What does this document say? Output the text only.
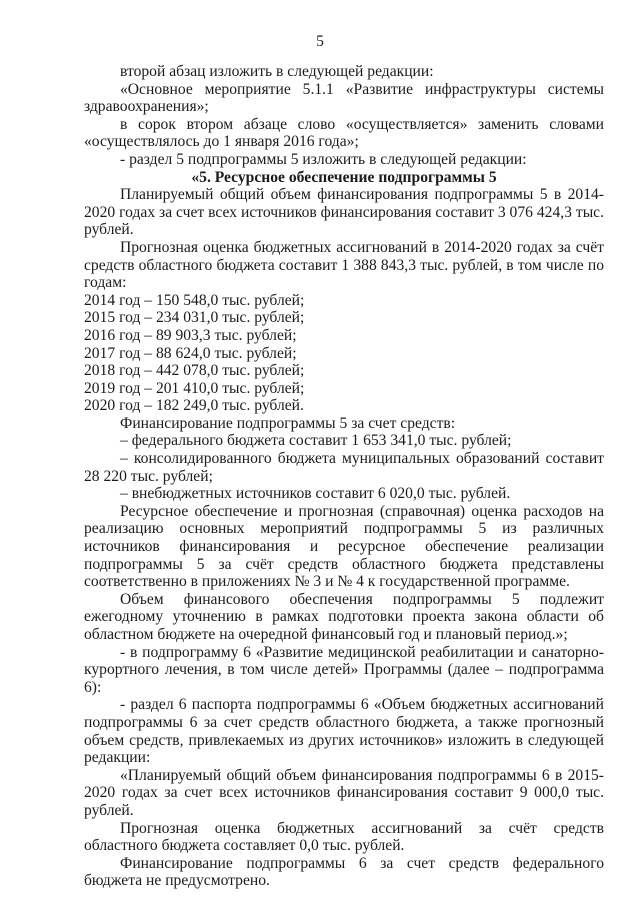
5

второй абзац изложить в следующей редакции:

«Основное мероприятие 5.1.1 «Развитие инфраструктуры системы здравоохранения»;

в сорок втором абзаце слово «осуществляется» заменить словами «осуществлялось до 1 января 2016 года»;

- раздел 5 подпрограммы 5 изложить в следующей редакции:

«5. Ресурсное обеспечение подпрограммы 5

Планируемый общий объем финансирования подпрограммы 5 в 2014-2020 годах за счет всех источников финансирования составит 3 076 424,3 тыс. рублей.

Прогнозная оценка бюджетных ассигнований в 2014-2020 годах за счёт средств областного бюджета составит 1 388 843,3 тыс. рублей, в том числе по годам:

2014 год – 150 548,0 тыс. рублей;

2015 год – 234 031,0 тыс. рублей;

2016 год – 89 903,3 тыс. рублей;

2017 год – 88 624,0 тыс. рублей;

2018 год – 442 078,0 тыс. рублей;

2019 год – 201 410,0 тыс. рублей;

2020 год – 182 249,0 тыс. рублей.

Финансирование подпрограммы 5 за счет средств:

– федерального бюджета составит 1 653 341,0 тыс. рублей;

– консолидированного бюджета муниципальных образований составит 28 220 тыс. рублей;

– внебюджетных источников составит 6 020,0 тыс. рублей.

Ресурсное обеспечение и прогнозная (справочная) оценка расходов на реализацию основных мероприятий подпрограммы 5 из различных источников финансирования и ресурсное обеспечение реализации подпрограммы 5 за счёт средств областного бюджета представлены соответственно в приложениях № 3 и № 4 к государственной программе.

Объем финансового обеспечения подпрограммы 5 подлежит ежегодному уточнению в рамках подготовки проекта закона области об областном бюджете на очередной финансовый год и плановый период.»;

- в подпрограмму 6 «Развитие медицинской реабилитации и санаторно-курортного лечения, в том числе детей» Программы (далее – подпрограмма 6):

- раздел 6 паспорта подпрограммы 6 «Объем бюджетных ассигнований подпрограммы 6 за счет средств областного бюджета, а также прогнозный объем средств, привлекаемых из других источников» изложить в следующей редакции:

«Планируемый общий объем финансирования подпрограммы 6 в 2015-2020 годах за счет всех источников финансирования составит 9 000,0 тыс. рублей.

Прогнозная оценка бюджетных ассигнований за счёт средств областного бюджета составляет 0,0 тыс. рублей.

Финансирование подпрограммы 6 за счет средств федерального бюджета не предусмотрено.
